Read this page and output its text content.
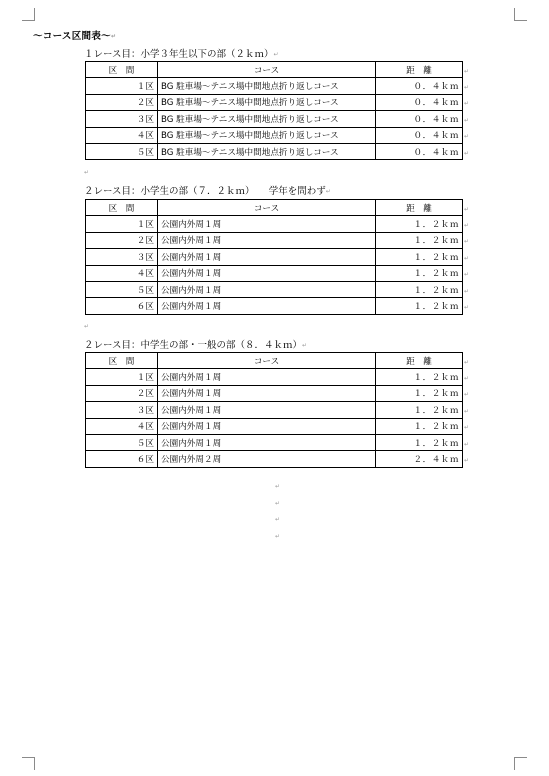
〜コース区間表〜↵
１レース目：小学３年生以下の部（２ｋｍ）↵
区　間	コース	距　離
１区	BG 駐車場〜テニス場中間地点折り返しコース	０．４ｋｍ
２区	BG 駐車場〜テニス場中間地点折り返しコース	０．４ｋｍ
３区	BG 駐車場〜テニス場中間地点折り返しコース	０．４ｋｍ
４区	BG 駐車場〜テニス場中間地点折り返しコース	０．４ｋｍ
５区	BG 駐車場〜テニス場中間地点折り返しコース	０．４ｋｍ
↵
２レース目：小学生の部（７．２ｋｍ）　　学年を問わず↵
区　間	コース	距　離
１区	公園内外周１周	１．２ｋｍ
２区	公園内外周１周	１．２ｋｍ
３区	公園内外周１周	１．２ｋｍ
４区	公園内外周１周	１．２ｋｍ
５区	公園内外周１周	１．２ｋｍ
６区	公園内外周１周	１．２ｋｍ
↵
２レース目：中学生の部・一般の部（８．４ｋｍ）↵
区　間	コース	距　離
１区	公園内外周１周	１．２ｋｍ
２区	公園内外周１周	１．２ｋｍ
３区	公園内外周１周	１．２ｋｍ
４区	公園内外周１周	１．２ｋｍ
５区	公園内外周１周	１．２ｋｍ
６区	公園内外周２周	２．４ｋｍ
↵
↵
↵
↵
↵
↵
↵
↵
↵
↵
↵
↵
↵
↵
↵
↵
↵
↵
↵
↵
↵
↵
↵
↵
